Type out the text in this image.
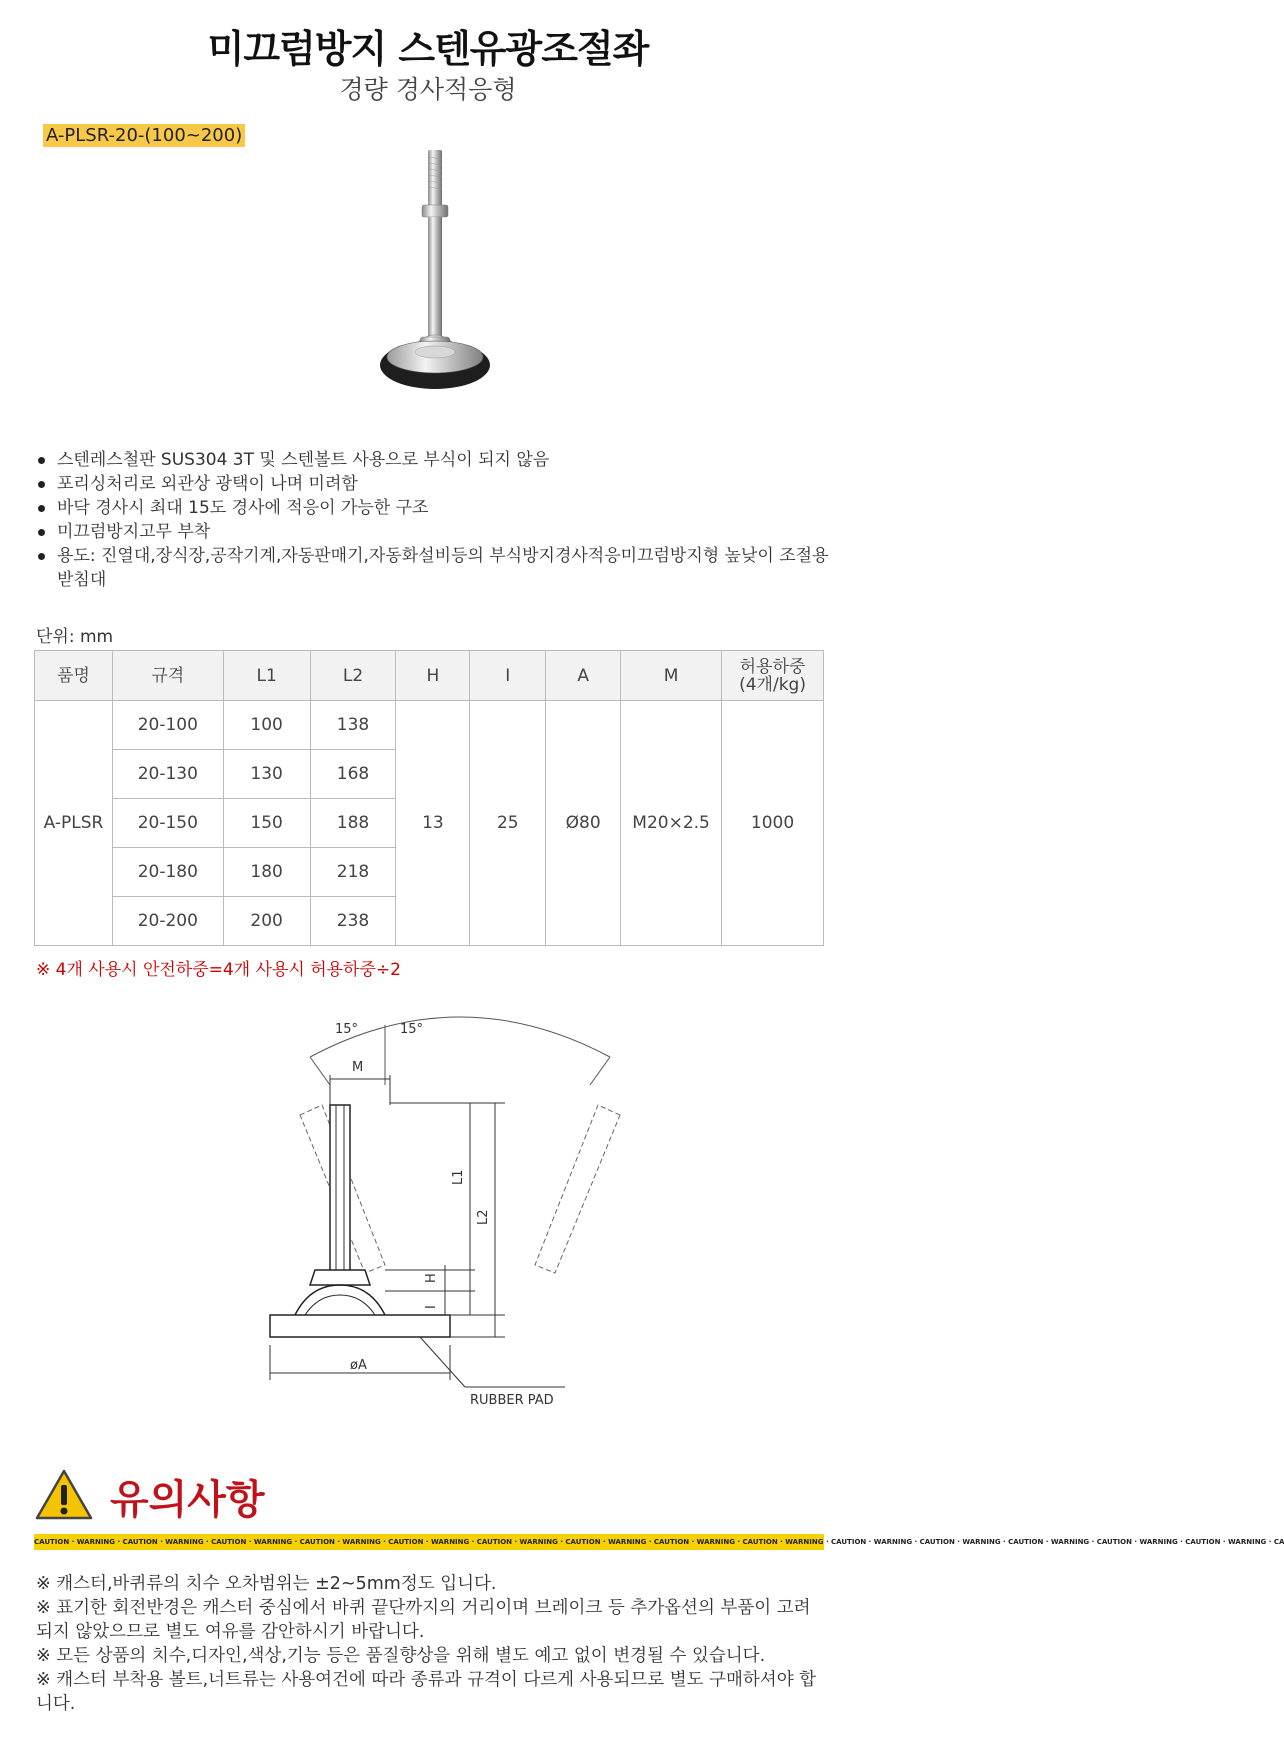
미끄럼방지 스텐유광조절좌
경량 경사적응형
A-PLSR-20-(100~200)
스텐레스철판 SUS304 3T 및 스텐볼트 사용으로 부식이 되지 않음
포리싱처리로 외관상 광택이 나며 미려함
바닥 경사시 최대 15도 경사에 적응이 가능한 구조
미끄럼방지고무 부착
용도: 진열대,장식장,공작기계,자동판매기,자동화설비등의 부식방지경사적응미끄럼방지형 높낮이 조절용 받침대
단위: mm
품명	규격	L1	L2	H	I	A	M	허용하중
(4개/kg)
A-PLSR	20-100	100	138	13	25	Ø80	M20×2.5	1000
	20-130	130	168					
	20-150	150	188					
	20-180	180	218					
	20-200	200	238					
※ 4개 사용시 안전하중=4개 사용시 허용하중÷2
15°	15°
M
L1
L2
H
I
øA
RUBBER PAD
유의사항
CAUTION · WARNING · CAUTION · WARNING · CAUTION · WARNING · CAUTION · WARNING · CAUTION · WARNING · CAUTION · WARNING · CAUTION · WARNING · CAUTION · WARNING · CAUTION · WARNING · CAUTION · WARNING · CAUTION · WARNING · CAUTION · WARNING · CAUTION · WARNING · CAUTION · WARNING · CA

※ 캐스터,바퀴류의 치수 오차범위는 ±2~5mm정도 입니다.

※ 표기한 회전반경은 캐스터 중심에서 바퀴 끝단까지의 거리이며 브레이크 등 추가옵션의 부품이 고려되지 않았으므로 별도 여유를 감안하시기 바랍니다.

※ 모든 상품의 치수,디자인,색상,기능 등은 품질향상을 위해 별도 예고 없이 변경될 수 있습니다.

※ 캐스터 부착용 볼트,너트류는 사용여건에 따라 종류과 규격이 다르게 사용되므로 별도 구매하셔야 합니다.
